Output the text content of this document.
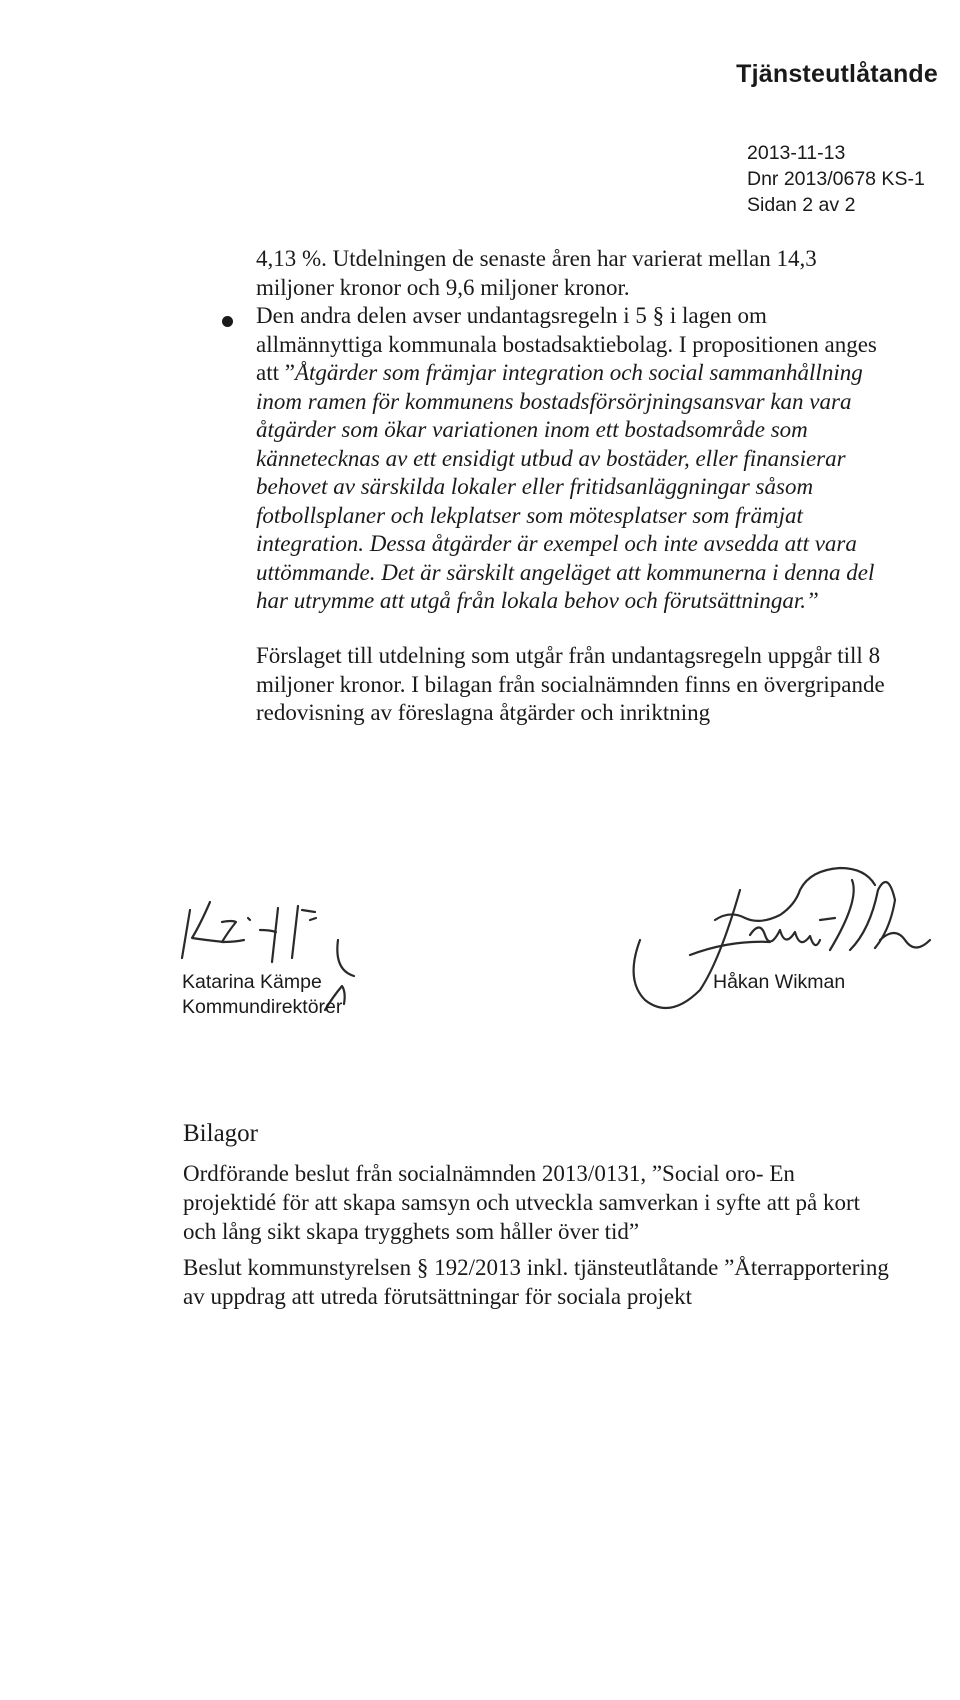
Tjänsteutlåtande
2013-11-13
Dnr 2013/0678 KS-1
Sidan 2 av 2
4,13 %. Utdelningen de senaste åren har varierat mellan 14,3
miljoner kronor och 9,6 miljoner kronor.
Den andra delen avser undantagsregeln i 5 § i lagen om
allmännyttiga kommunala bostadsaktiebolag. I propositionen anges
att ”Åtgärder som främjar integration och social sammanhållning
inom ramen för kommunens bostadsförsörjningsansvar kan vara
åtgärder som ökar variationen inom ett bostadsområde som
kännetecknas av ett ensidigt utbud av bostäder, eller finansierar
behovet av särskilda lokaler eller fritidsanläggningar såsom
fotbollsplaner och lekplatser som mötesplatser som främjat
integration. Dessa åtgärder är exempel och inte avsedda att vara
uttömmande. Det är särskilt angeläget att kommunerna i denna del
har utrymme att utgå från lokala behov och förutsättningar.”
Förslaget till utdelning som utgår från undantagsregeln uppgår till 8
miljoner kronor. I bilagan från socialnämnden finns en övergripande
redovisning av föreslagna åtgärder och inriktning
Katarina Kämpe
Kommundirektörer
Håkan Wikman
Bilagor
Ordförande beslut från socialnämnden 2013/0131, ”Social oro- En
projektidé för att skapa samsyn och utveckla samverkan i syfte att på kort
och lång sikt skapa trygghets som håller över tid”
Beslut kommunstyrelsen § 192/2013 inkl. tjänsteutlåtande ”Återrapportering
av uppdrag att utreda förutsättningar för sociala projekt
